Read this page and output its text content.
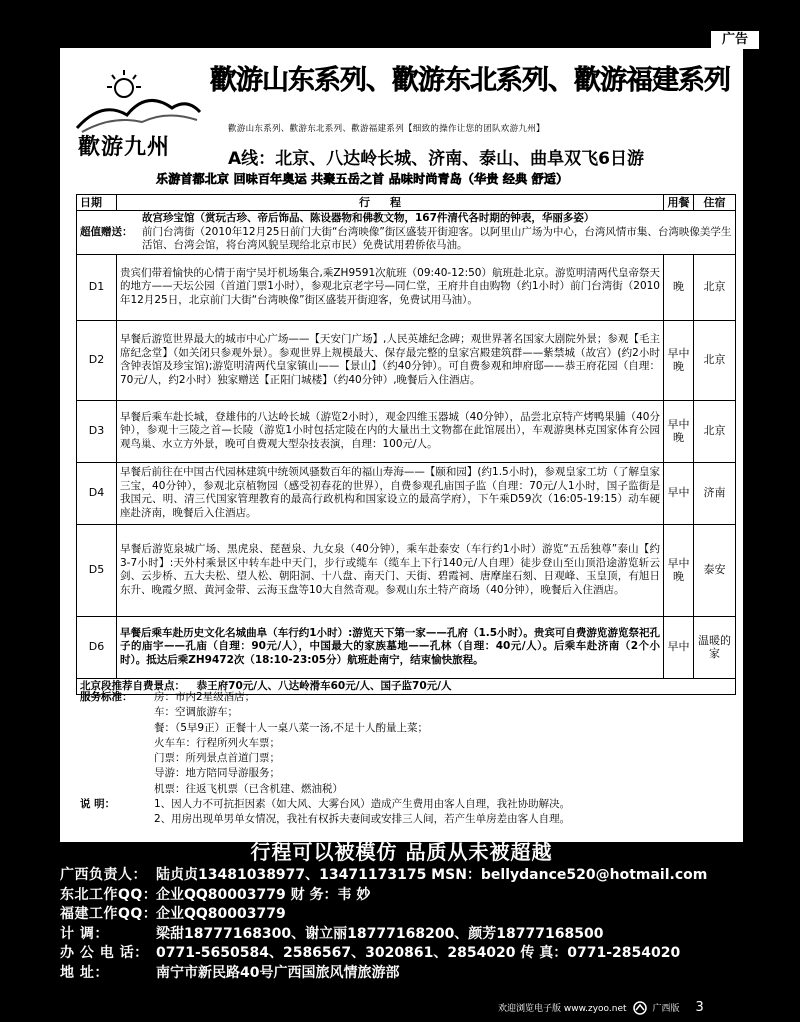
广告
歡游九州
歡游山东系列、歡游东北系列、歡游福建系列
歡游山东系列、歡游东北系列、歡游福建系列【细致的操作让您的团队欢游九州】
A线：北京、八达岭长城、济南、泰山、曲阜双飞6日游
乐游首都北京 回味百年奥运 共聚五岳之首 品味时尚青岛（华贵 经典 舒适）
日期	行程	用餐	住宿

故宫珍宝馆（赏玩古珍、帝后饰品、陈设器物和佛教文物，167件清代各时期的钟表，华丽多姿）
超值赠送： 前门台湾街（2010年12月25日前门大街“台湾映像”街区盛装开街迎客。以阿里山广场为中心，台湾风情市集、台湾映像美学生活馆、台湾会馆，将台湾风貌呈现给北京市民）免费试用碧侨依马油。			

D1	贵宾们带着愉快的心情于南宁吴圩机场集合,乘ZH9591次航班（09:40-12:50）航班赴北京。游览明清两代皇帝祭天的地方——天坛公园（首道门票1小时），参观北京老字号—同仁堂，王府井自由购物（约1小时）前门台湾街（2010年12月25日，北京前门大街“台湾映像”街区盛装开街迎客，免费试用马油）。	晚	北京
D2	早餐后游览世界最大的城市中心广场——【天安门广场】,人民英雄纪念碑；观世界著名国家大剧院外景；参观【毛主席纪念堂】（如关闭只参观外景）。参观世界上规模最大、保存最完整的皇家宫殿建筑群——紫禁城（故宫）(约2小时含钟表馆及珍宝馆);游览明清两代皇家镇山——【景山】（约40分钟）。可自费参观和坤府邸——恭王府花园（自理：70元/人，约2小时）独家赠送【正阳门城楼】（约40分钟）,晚餐后入住酒店。	早中晚	北京
D3	早餐后乘车赴长城，登雄伟的八达岭长城（游览2小时），观金四维玉器城（40分钟），品尝北京特产烤鸭果脯（40分钟），参观十三陵之首—长陵（游览1小时包括定陵在内的大量出土文物都在此馆展出），车观游奥林克国家体育公园观鸟巢、水立方外景，晚可自费观大型杂技表演，自理：100元/人。	早中晚	北京
D4	早餐后前往在中国古代园林建筑中统领风骚数百年的福山寿海——【颐和园】(约1.5小时)，参观皇家工坊（了解皇家三宝，40分钟），参观北京植物园（感受初春花的世界），自费参观孔庙国子监（自理：70元/人1小时，国子监街是我国元、明、清三代国家管理教育的最高行政机构和国家设立的最高学府），下午乘D59次（16:05-19:15）动车硬座赴济南，晚餐后入住酒店。	早中	济南
D5	早餐后游览泉城广场、黑虎泉、琵琶泉、九女泉（40分钟），乘车赴泰安（车行约1小时）游览“五岳独尊”泰山【约3-7小时】:天外村乘景区中转车赴中天门，步行或缆车（缆车上下行140元/人自理）徒步登山至山顶沿途游览斩云剑、云步桥、五大夫松、望人松、朝阳洞、十八盘、南天门、天街、碧霞祠、唐摩崖石刻、日观峰、玉皇顶，有旭日东升、晚霞夕照、黄河金带、云海玉盘等10大自然奇观。参观山东土特产商场（40分钟），晚餐后入住酒店。	早中晚	泰安
D6	早餐后乘车赴历史文化名城曲阜（车行约1小时）:游览天下第一家——孔府（1.5小时）。贵宾可自费游览游览祭祀孔子的庙宇——孔庙（自理：90元/人），中国最大的家族墓地——孔林（自理：40元/人）。后乘车赴济南（2个小时）。抵达后乘ZH9472次（18:10-23:05分）航班赴南宁，结束愉快旅程。	早中	温暖的家
北京段推荐自费景点： 恭王府70元/人、八达岭滑车60元/人、国子监70元/人			
服务标准：	房：市内2星级酒店；
车：空调旅游车；
餐：（5早9正）正餐十人一桌八菜一汤,不足十人酌量上菜；
火车车：行程所列火车票；
门票：所列景点首道门票；
导游：地方陪同导游服务；
机票：往返飞机票（已含机建、燃油税）
说 明：	1、因人力不可抗拒因素（如大风、大雾台风）造成产生费用由客人自理，我社协助解决。
2、用房出现单男单女情况，我社有权拆夫妻间或安排三人间，若产生单房差由客人自理。
行程可以被模仿 品质从未被超越
广西负责人： 陆贞贞13481038977、13471173175 MSN：bellydance520@hotmail.com
东北工作QQ：
企业QQ80003779 财 务：韦 妙
福建工作QQ：
企业QQ80003779
计 调：	梁甜18777168300、谢立丽18777168200、颜芳18777168500
办 公 电 话： 0771-5650584、2586567、3020861、2854020 传 真：0771-2854020
地 址：	南宁市新民路40号广西国旅风情旅游部
欢迎浏览电子版 www.zyoo.net	广西版 3
